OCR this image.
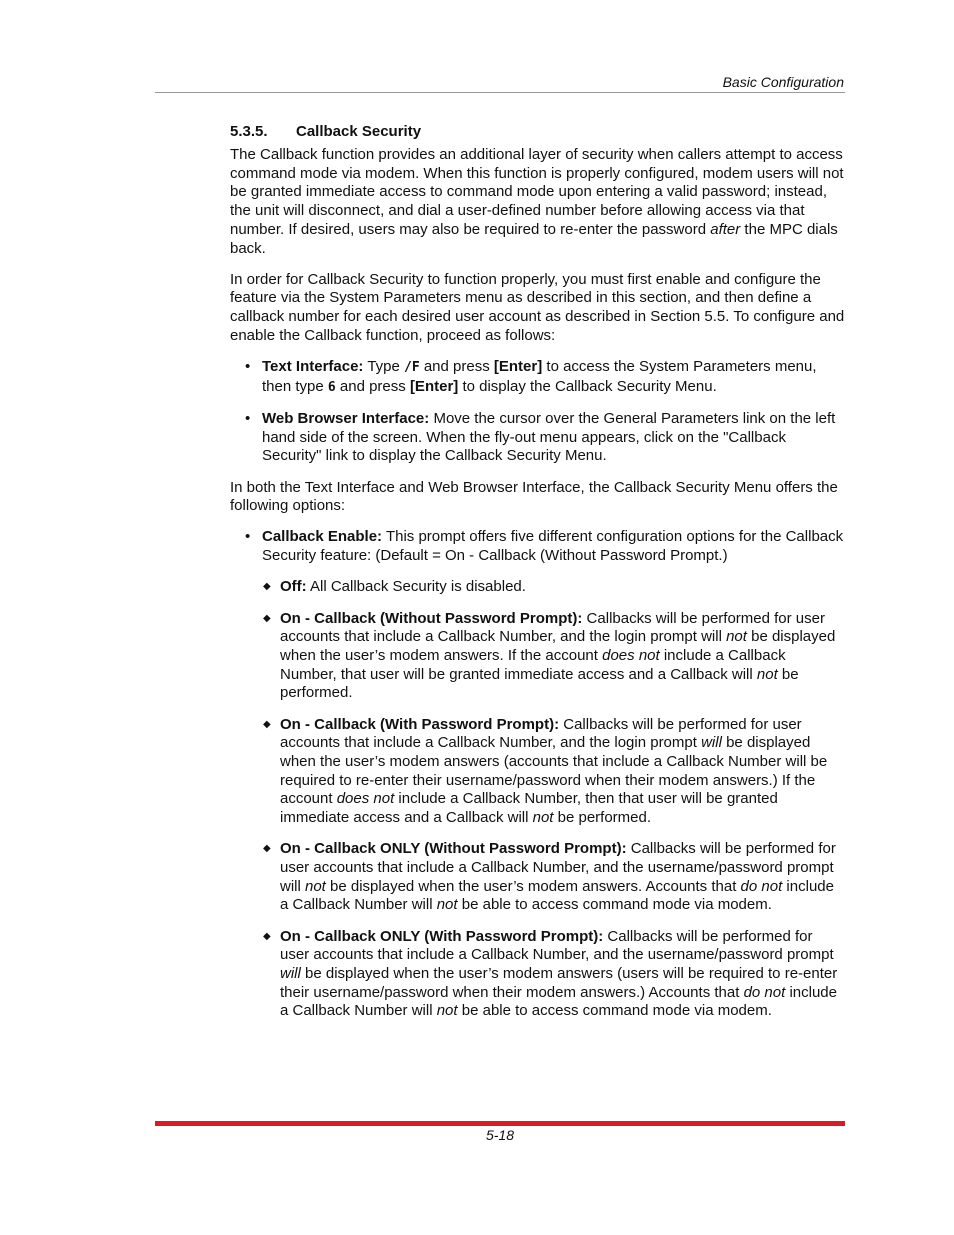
Basic Configuration
5.3.5. Callback Security

The Callback function provides an additional layer of security when callers attempt to access command mode via modem. When this function is properly configured, modem users will not be granted immediate access to command mode upon entering a valid password; instead, the unit will disconnect, and dial a user-defined number before allowing access via that number. If desired, users may also be required to re-enter the password after the MPC dials back.

In order for Callback Security to function properly, you must first enable and configure the feature via the System Parameters menu as described in this section, and then define a callback number for each desired user account as described in Section 5.5. To configure and enable the Callback function, proceed as follows:

• Text Interface: Type /F and press [Enter] to access the System Parameters menu, then type 6 and press [Enter] to display the Callback Security Menu.
• Web Browser Interface: Move the cursor over the General Parameters link on the left hand side of the screen. When the fly-out menu appears, click on the "Callback Security" link to display the Callback Security Menu.

In both the Text Interface and Web Browser Interface, the Callback Security Menu offers the following options:

• Callback Enable: This prompt offers five different configuration options for the Callback Security feature: (Default = On - Callback (Without Password Prompt.)
◆ Off: All Callback Security is disabled.
◆ On - Callback (Without Password Prompt): Callbacks will be performed for user accounts that include a Callback Number, and the login prompt will not be displayed when the user’s modem answers. If the account does not include a Callback Number, that user will be granted immediate access and a Callback will not be performed.
◆ On - Callback (With Password Prompt): Callbacks will be performed for user accounts that include a Callback Number, and the login prompt will be displayed when the user’s modem answers (accounts that include a Callback Number will be required to re-enter their username/password when their modem answers.) If the account does not include a Callback Number, then that user will be granted immediate access and a Callback will not be performed.
◆ On - Callback ONLY (Without Password Prompt): Callbacks will be performed for user accounts that include a Callback Number, and the username/password prompt will not be displayed when the user’s modem answers. Accounts that do not include a Callback Number will not be able to access command mode via modem.
◆ On - Callback ONLY (With Password Prompt): Callbacks will be performed for user accounts that include a Callback Number, and the username/password prompt will be displayed when the user’s modem answers (users will be required to re-enter their username/password when their modem answers.) Accounts that do not include a Callback Number will not be able to access command mode via modem.
5-18
